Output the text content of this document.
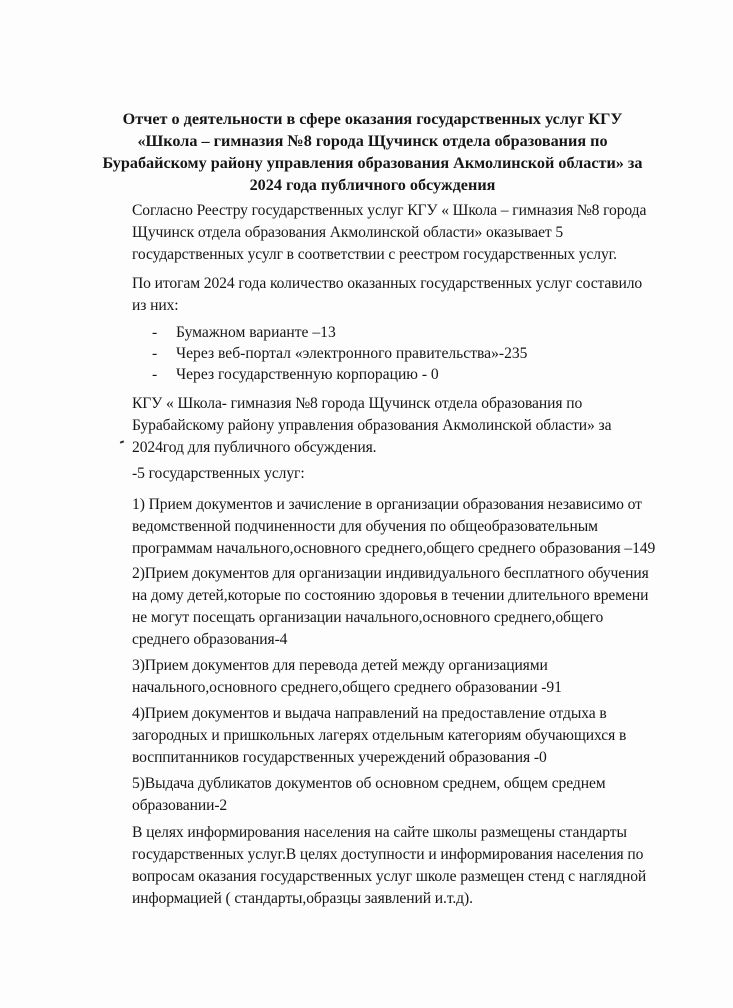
Отчет о деятельности в сфере оказания государственных услуг КГУ
«Школа – гимназия №8 города Щучинск отдела образования по
Бурабайскому району управления образования Акмолинской области» за
2024 года публичного обсуждения
Согласно Реестру государственных услуг КГУ « Школа – гимназия №8 города
Щучинск отдела образования Акмолинской области» оказывает 5
государственных усулг в соответствии с реестром государственных услуг.
По итогам 2024 года количество оказанных государственных услуг составило
из них:
- Бумажном варианте –13
- Через веб-портал «электронного правительства»-235
- Через государственную корпорацию - 0
КГУ « Школа- гимназия №8 города Щучинск отдела образования по
Бурабайскому району управления образования Акмолинской области» за
2024год для публичного обсуждения.
-5 государственных услуг:
1) Прием документов и зачисление в организации образования независимо от
ведомственной подчиненности для обучения по общеобразовательным
программам начального,основного среднего,общего среднего образования –149
2)Прием документов для организации индивидуального бесплатного обучения
на дому детей,которые по состоянию здоровья в течении длительного времени
не могут посещать организации начального,основного среднего,общего
среднего образования-4
3)Прием документов для перевода детей между организациями
начального,основного среднего,общего среднего образовании -91
4)Прием документов и выдача направлений на предоставление отдыха в
загородных и пришкольных лагерях отдельным категориям обучающихся в
восппитанников государственных учереждений образования -0
5)Выдача дубликатов документов об основном среднем, общем среднем
образовании-2
В целях информирования населения на сайте школы размещены стандарты
государственных услуг.В целях доступности и информирования населения по
вопросам оказания государственных услуг школе размещен стенд с наглядной
информацией ( стандарты,образцы заявлений и.т.д).
